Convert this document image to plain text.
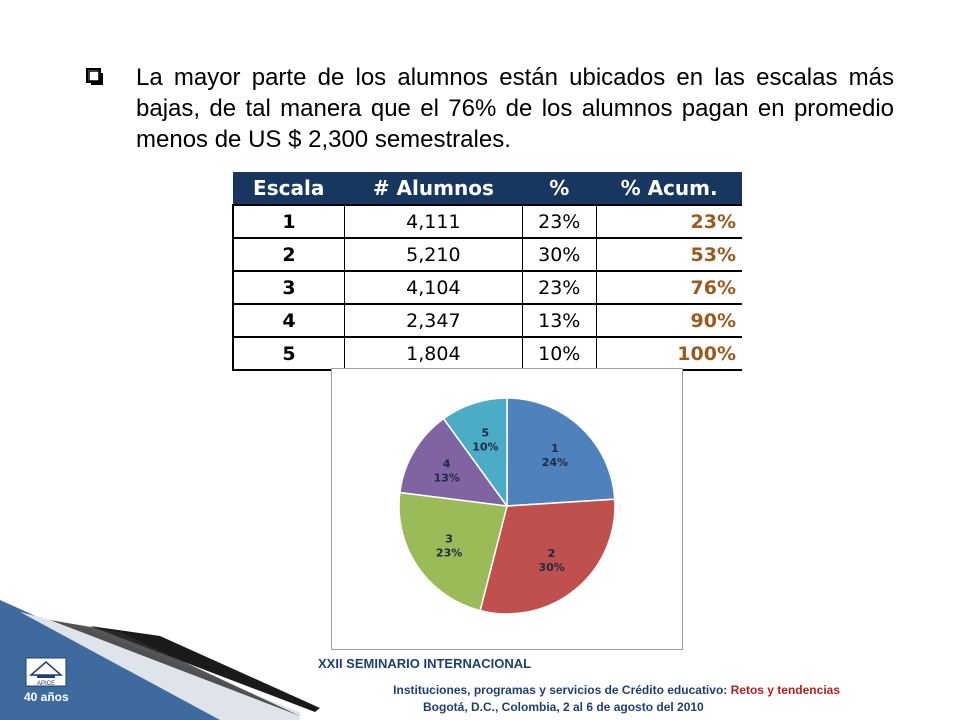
La mayor parte de los alumnos están ubicados en las escalas más bajas, de tal manera que el 76% de los alumnos pagan en promedio menos de US $ 2,300 semestrales.
Escala	# Alumnos	%	% Acum.
1	4,111	23%	23%
2	5,210	30%	53%
3	4,104	23%	76%
4	2,347	13%	90%
5	1,804	10%	100%
1
24%
2
30%
3
23%
4
13%
5
10%
APICE
40 años
XXII SEMINARIO INTERNACIONAL
Instituciones, programas y servicios de Crédito educativo: Retos y tendencias
Bogotá, D.C., Colombia, 2 al 6 de agosto del 2010
